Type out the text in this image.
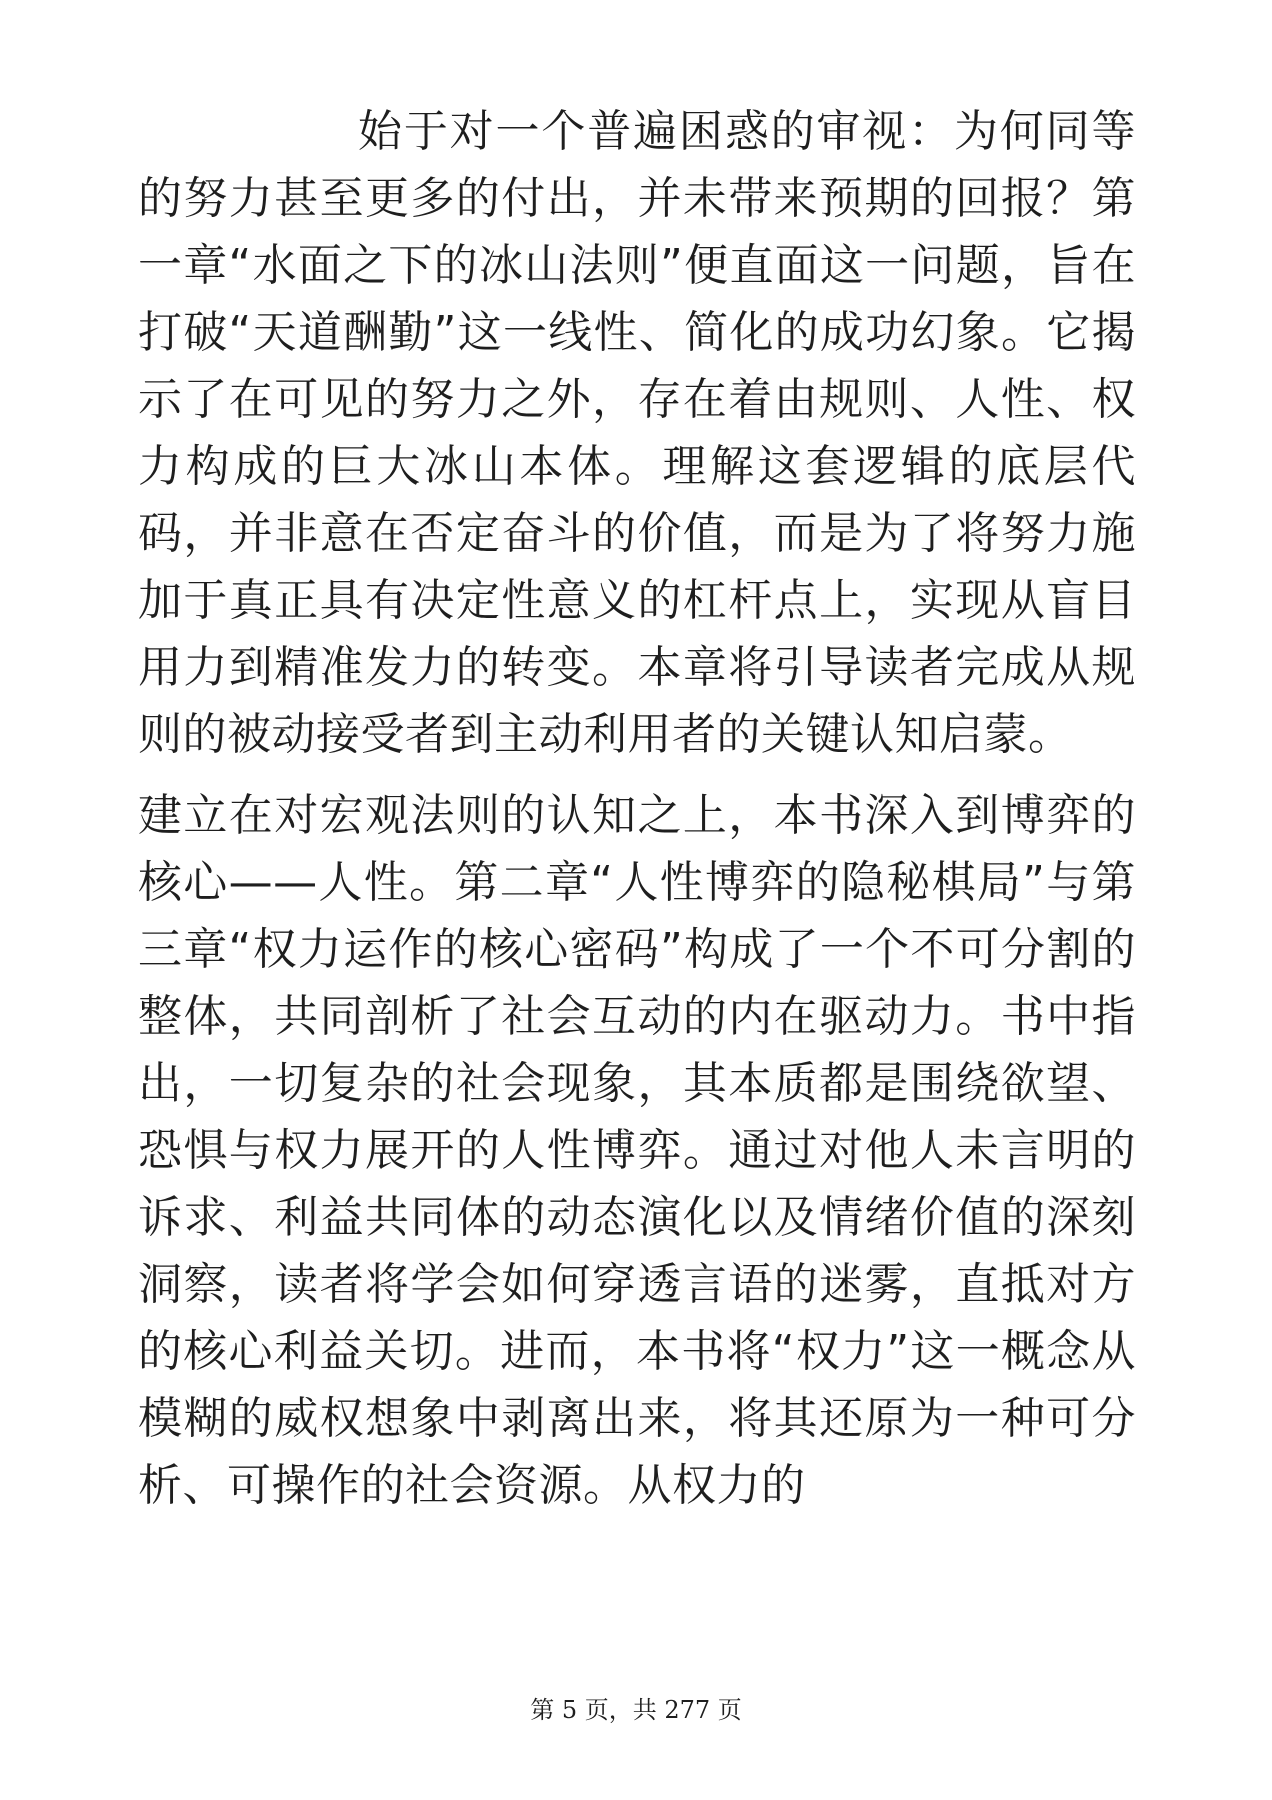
始于对一个普遍困惑的审视：为何同等的努力甚至更多的付出，并未带来预期的回报？第一章“水面之下的冰山法则”便直面这一问题，旨在打破“天道酬勤”这一线性、简化的成功幻象。它揭示了在可见的努力之外，存在着由规则、人性、权力构成的巨大冰山本体。理解这套逻辑的底层代码，并非意在否定奋斗的价值，而是为了将努力施加于真正具有决定性意义的杠杆点上，实现从盲目用力到精准发力的转变。本章将引导读者完成从规则的被动接受者到主动利用者的关键认知启蒙。

建立在对宏观法则的认知之上，本书深入到博弈的核心——人性。第二章“人性博弈的隐秘棋局”与第三章“权力运作的核心密码”构成了一个不可分割的整体，共同剖析了社会互动的内在驱动力。书中指出，一切复杂的社会现象，其本质都是围绕欲望、恐惧与权力展开的人性博弈。通过对他人未言明的诉求、利益共同体的动态演化以及情绪价值的深刻洞察，读者将学会如何穿透言语的迷雾，直抵对方的核心利益关切。进而，本书将“权力”这一概念从模糊的威权想象中剥离出来，将其还原为一种可分析、可操作的社会资源。从权力的

第 5 页，共 277 页
